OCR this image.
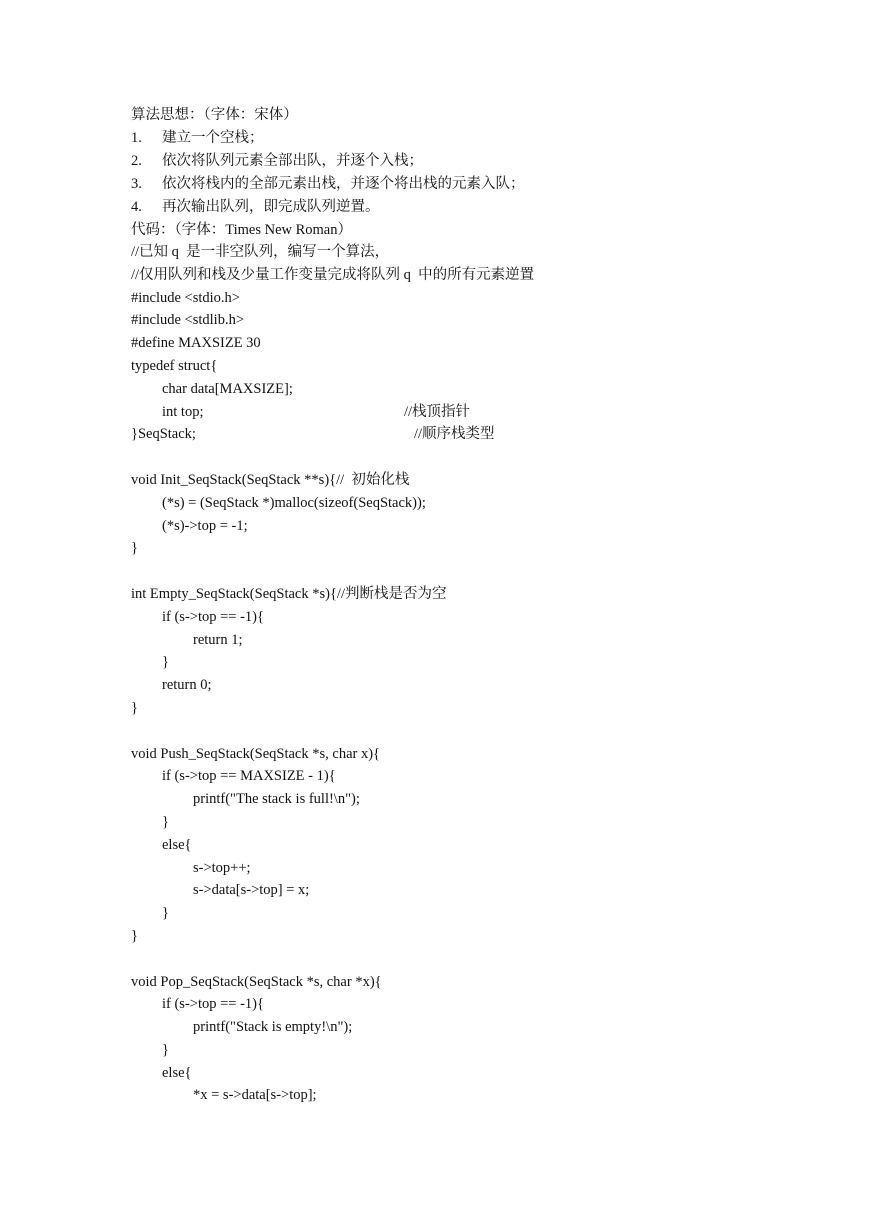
算法思想：（字体：宋体）
1. 建立一个空栈；
2. 依次将队列元素全部出队，并逐个入栈；
3. 依次将栈内的全部元素出栈，并逐个将出栈的元素入队；
4. 再次输出队列，即完成队列逆置。
代码：（字体：Times New Roman）
//已知 q  是一非空队列，编写一个算法，
//仅用队列和栈及少量工作变量完成将队列 q  中的所有元素逆置
#include <stdio.h>
#include <stdlib.h>
#define MAXSIZE 30
typedef struct{
char data[MAXSIZE];
int top;	//栈顶指针
}SeqStack;	//顺序栈类型
void Init_SeqStack(SeqStack **s){//  初始化栈
(*s) = (SeqStack *)malloc(sizeof(SeqStack));
(*s)->top = -1;
}
int Empty_SeqStack(SeqStack *s){//判断栈是否为空
if (s->top == -1){
return 1;
}
return 0;
}
void Push_SeqStack(SeqStack *s, char x){
if (s->top == MAXSIZE - 1){
printf("The stack is full!\n");
}
else{
s->top++;
s->data[s->top] = x;
}
}
void Pop_SeqStack(SeqStack *s, char *x){
if (s->top == -1){
printf("Stack is empty!\n");
}
else{
*x = s->data[s->top];
